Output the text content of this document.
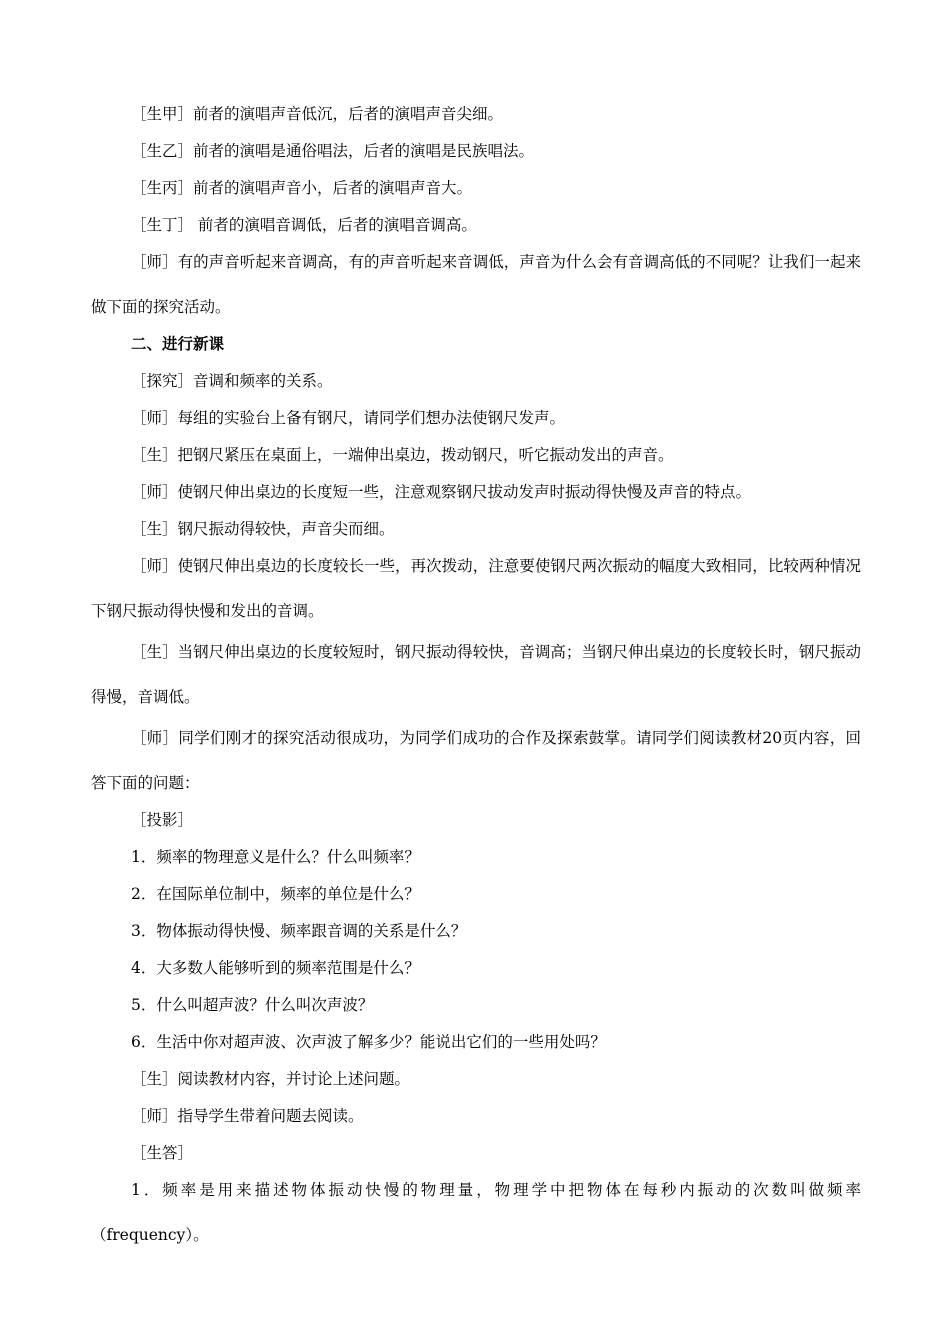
［生甲］前者的演唱声音低沉，后者的演唱声音尖细。

［生乙］前者的演唱是通俗唱法，后者的演唱是民族唱法。

［生丙］前者的演唱声音小，后者的演唱声音大。

［生丁］ 前者的演唱音调低，后者的演唱音调高。

［师］有的声音听起来音调高，有的声音听起来音调低，声音为什么会有音调高低的不同呢？让我们一起来做下面的探究活动。

二、进行新课

［探究］音调和频率的关系。

［师］每组的实验台上备有钢尺，请同学们想办法使钢尺发声。

［生］把钢尺紧压在桌面上，一端伸出桌边，拨动钢尺，听它振动发出的声音。

［师］使钢尺伸出桌边的长度短一些，注意观察钢尺拔动发声时振动得快慢及声音的特点。

［生］钢尺振动得较快，声音尖而细。

［师］使钢尺伸出桌边的长度较长一些，再次拨动，注意要使钢尺两次振动的幅度大致相同，比较两种情况下钢尺振动得快慢和发出的音调。

［生］当钢尺伸出桌边的长度较短时，钢尺振动得较快，音调高；当钢尺伸出桌边的长度较长时，钢尺振动得慢，音调低。

［师］同学们刚才的探究活动很成功，为同学们成功的合作及探索鼓掌。请同学们阅读教材20页内容，回答下面的问题：

［投影］

1．频率的物理意义是什么？什么叫频率？

2．在国际单位制中，频率的单位是什么？

3．物体振动得快慢、频率跟音调的关系是什么？

4．大多数人能够听到的频率范围是什么？

5．什么叫超声波？什么叫次声波？

6．生活中你对超声波、次声波了解多少？能说出它们的一些用处吗？

［生］阅读教材内容，并讨论上述问题。

［师］指导学生带着问题去阅读。

［生答］

1．频率是用来描述物体振动快慢的物理量，物理学中把物体在每秒内振动的次数叫做频率（frequency）。
